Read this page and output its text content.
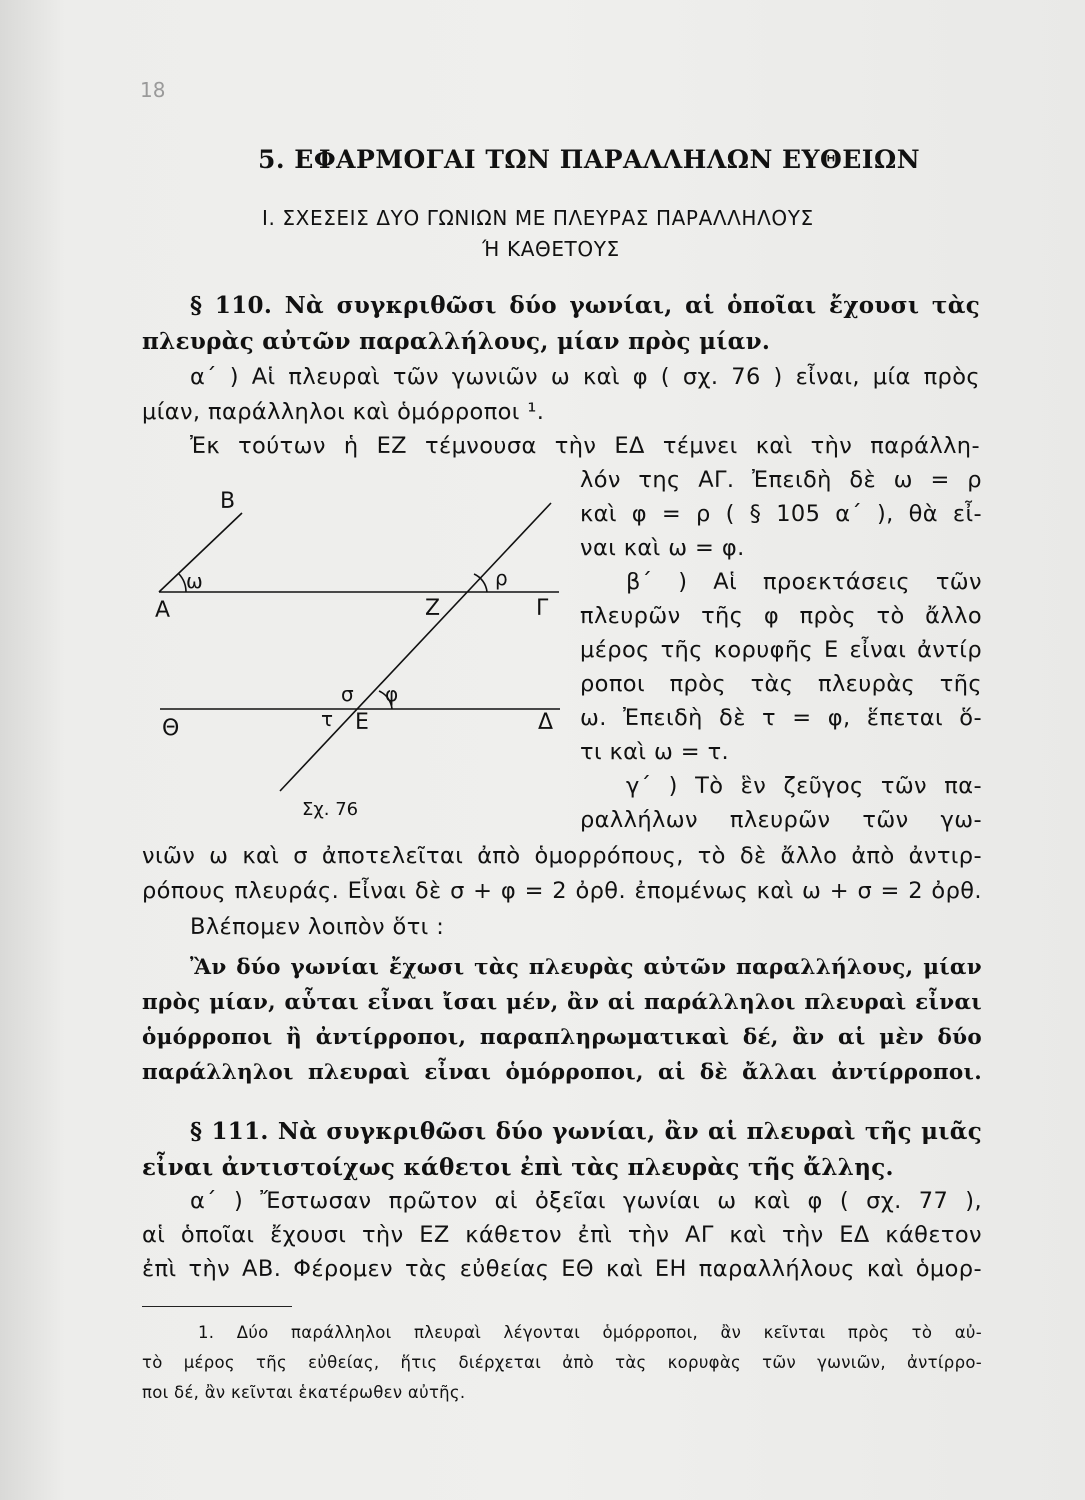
18
5. ΕΦΑΡΜΟΓΑΙ ΤΩΝ ΠΑΡΑΛΛΗΛΩΝ ΕΥΘΕΙΩΝ
Ι. ΣΧΕΣΕΙΣ ΔΥΟ ΓΩΝΙΩΝ ΜΕ ΠΛΕΥΡΑΣ ΠΑΡΑΛΛΗΛΟΥΣ
Ή ΚΑΘΕΤΟΥΣ
§ 110. Νὰ συγκριθῶσι δύο γωνίαι, αἱ ὁποῖαι ἔχουσι τὰς
πλευρὰς αὐτῶν παραλλήλους, μίαν πρὸς μίαν.
α΄ ) Αἱ πλευραὶ τῶν γωνιῶν ω καὶ φ ( σχ. 76 ) εἶναι, μία πρὸς
μίαν, παράλληλοι καὶ ὁμόρροποι ¹.
Ἐκ τούτων ἡ ΕΖ τέμνουσα τὴν ΕΔ τέμνει καὶ τὴν παράλλη-
λόν της ΑΓ. Ἐπειδὴ δὲ ω = ρ
καὶ φ = ρ ( § 105 α΄ ), θὰ εἶ-
ναι καὶ ω = φ.
β΄ ) Αἱ προεκτάσεις τῶν
πλευρῶν τῆς φ πρὸς τὸ ἄλλο
μέρος τῆς κορυφῆς Ε εἶναι ἀντίρ
ροποι πρὸς τὰς πλευρὰς τῆς
ω. Ἐπειδὴ δὲ τ = φ, ἕπεται ὅ-
τι καὶ ω = τ.
γ΄ ) Τὸ ἓν ζεῦγος τῶν πα-
ραλλήλων πλευρῶν τῶν γω-
Β
ω
Α
ρ
Ζ	Γ
σ φ
Θ	τ Ε	Δ
Σχ. 76
νιῶν ω καὶ σ ἀποτελεῖται ἀπὸ ὁμορρόπους, τὸ δὲ ἄλλο ἀπὸ ἀντιρ-
ρόπους πλευράς. Εἶναι δὲ σ + φ = 2 ὀρθ. ἐπομένως καὶ ω + σ = 2 ὀρθ.
Βλέπομεν λοιπὸν ὅτι :
Ἂν δύο γωνίαι ἔχωσι τὰς πλευρὰς αὐτῶν παραλλήλους, μίαν
πρὸς μίαν, αὗται εἶναι ἴσαι μέν, ἂν αἱ παράλληλοι πλευραὶ εἶναι
ὁμόρροποι ἢ ἀντίρροποι, παραπληρωματικαὶ δέ, ἂν αἱ μὲν δύο
παράλληλοι πλευραὶ εἶναι ὁμόρροποι, αἱ δὲ ἄλλαι ἀντίρροποι.
§ 111. Νὰ συγκριθῶσι δύο γωνίαι, ἂν αἱ πλευραὶ τῆς μιᾶς
εἶναι ἀντιστοίχως κάθετοι ἐπὶ τὰς πλευρὰς τῆς ἄλλης.
α΄ ) Ἔστωσαν πρῶτον αἱ ὀξεῖαι γωνίαι ω καὶ φ ( σχ. 77 ),
αἱ ὁποῖαι ἔχουσι τὴν ΕΖ κάθετον ἐπὶ τὴν ΑΓ καὶ τὴν ΕΔ κάθετον
ἐπὶ τὴν ΑΒ. Φέρομεν τὰς εὐθείας ΕΘ καὶ ΕΗ παραλλήλους καὶ ὁμορ-
1. Δύο παράλληλοι πλευραὶ λέγονται ὁμόρροποι, ἂν κεῖνται πρὸς τὸ αὐ-
τὸ μέρος τῆς εὐθείας, ἥτις διέρχεται ἀπὸ τὰς κορυφὰς τῶν γωνιῶν, ἀντίρρο-
ποι δέ, ἂν κεῖνται ἑκατέρωθεν αὐτῆς.
